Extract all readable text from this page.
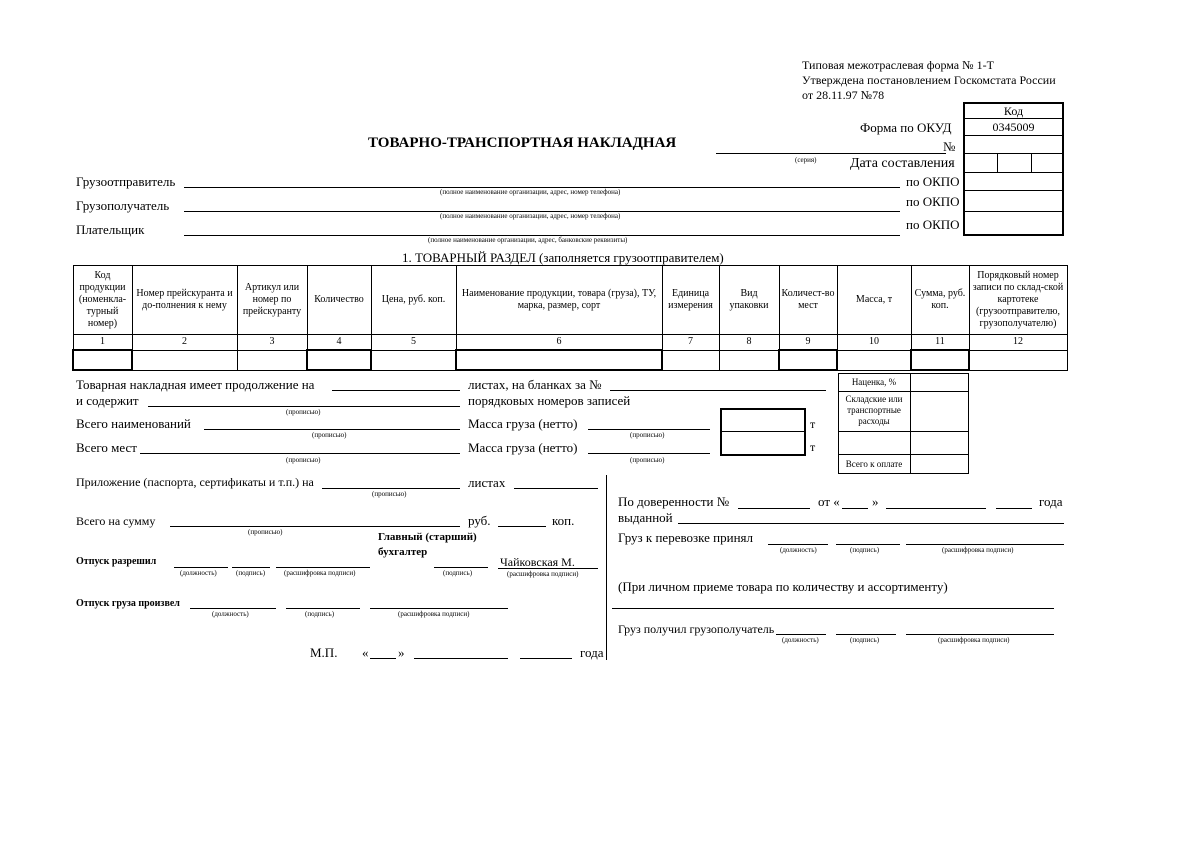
Типовая межотраслевая форма № 1-Т
Утверждена постановлением Госкомстата России
от 28.11.97 №78
Код
0345009
Форма по ОКУД
ТОВАРНО-ТРАНСПОРТНАЯ НАКЛАДНАЯ	№
(серия) Дата составления
Грузоотправитель
(полное наименование организации, адрес, номер телефона)
по ОКПО
Грузополучатель
(полное наименование организации, адрес, номер телефона)
по ОКПО
Плательщик
(полное наименование организации, адрес, банковские реквизиты)
по ОКПО
1. ТОВАРНЫЙ РАЗДЕЛ (заполняется грузоотправителем)
Код продукции (номенкла-турный номер)	Номер прейскуранта и до-полнения к нему	Артикул или номер по прейскуранту	Количество	Цена, руб. коп.	Наименование продукции, товара (груза), ТУ, марка, размер, сорт	Единица измерения	Вид упаковки	Количест-во мест	Масса, т	Сумма, руб. коп.	Порядковый номер записи по склад-ской картотеке (грузоотправителю, грузополучателю)
1	2	3	4	5	6	7	8	9	10	11	12

Товарная накладная имеет продолжение на	листах, на бланках за №
и содержит
(прописью)
порядковых номеров записей
Всего наименований
(прописью)
Масса груза (нетто)
(прописью)
Всего мест
(прописью)
Масса груза (нетто)
(прописью)
т
т
Наценка, %
Складские или транспортные расходы
Всего к оплате
Приложение (паспорта, сертификаты и т.п.) на
(прописью)
листах
Всего на сумму
(прописью)
руб.	коп.
Главный (старший)
бухгалтер
Отпуск разрешил
(должность)	(подпись)	(расшифровка подписи)	(подпись)
Чайковская М.
(расшифровка подписи)
Отпуск груза произвел
(должность)	(подпись)	(расшифровка подписи)
М.П. « »	года
По доверенности №	от « »	года
выданной
Груз к перевозке принял
(должность)	(подпись)	(расшифровка подписи)
(При личном приеме товара по количеству и ассортименту)
Груз получил грузополучатель
(должность)	(подпись)	(расшифровка подписи)
